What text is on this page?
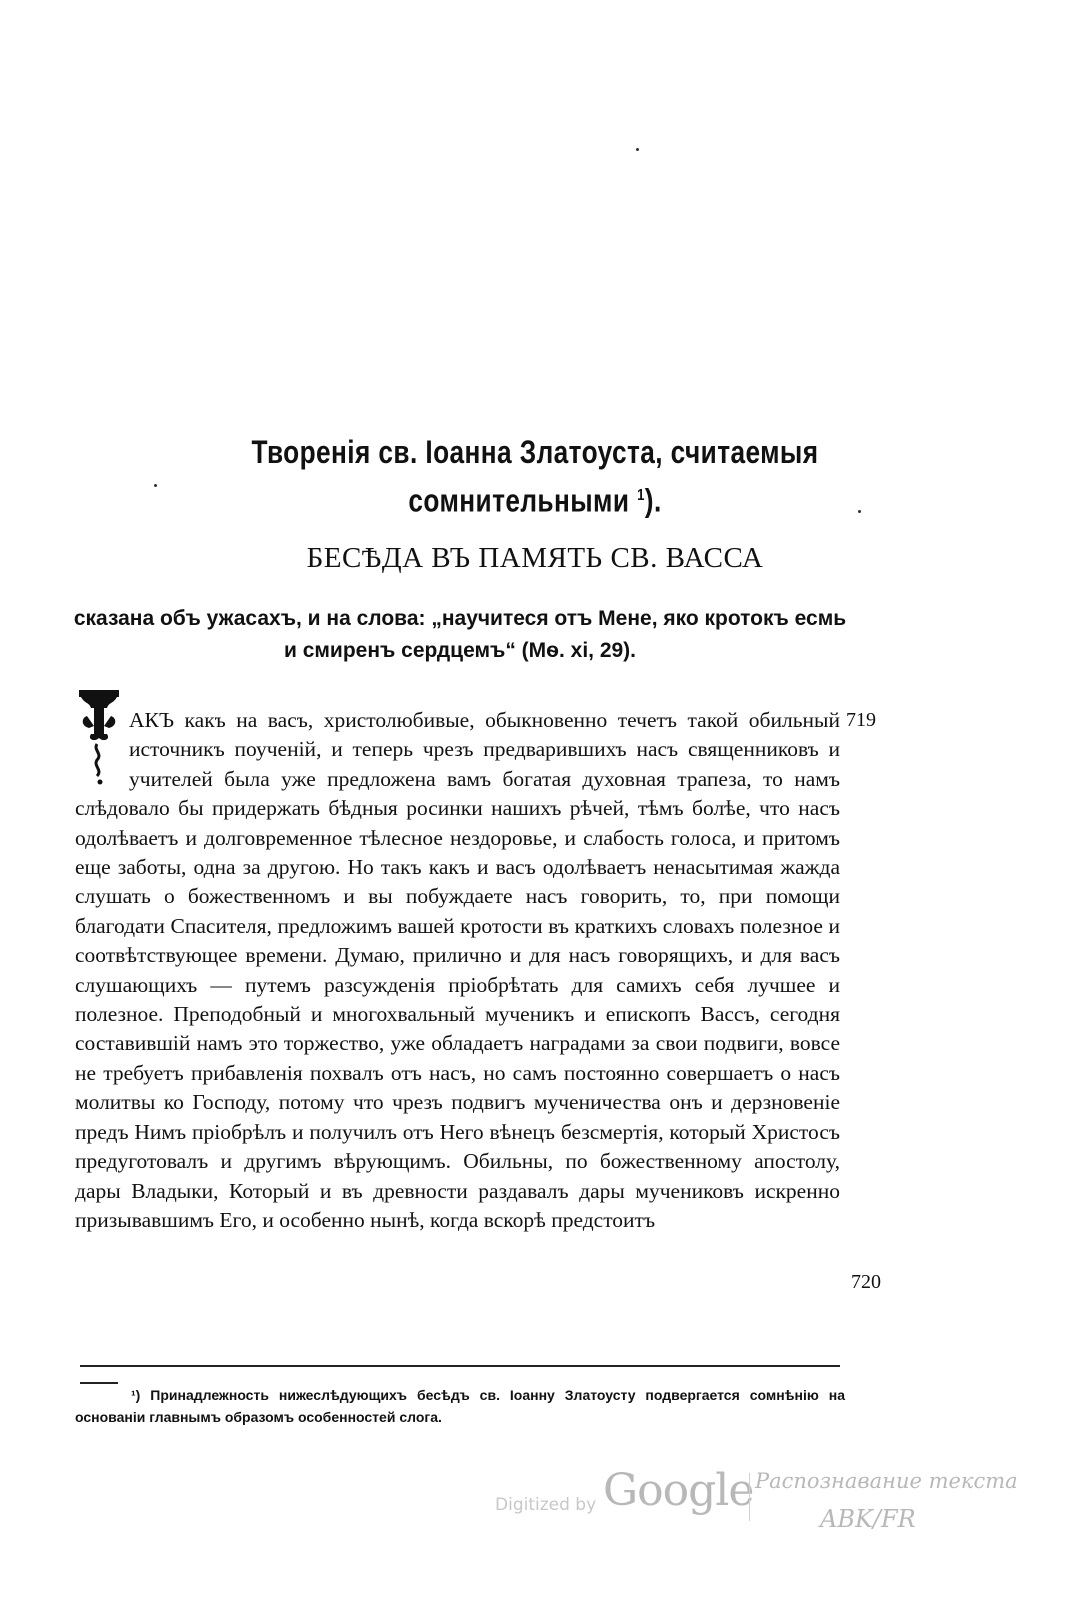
Творенія св. Іоанна Златоуста, считаемыя
сомнительными $^1$).
БЕСѢДА ВЪ ПАМЯТЬ СВ. ВАССА
сказана объ ужасахъ, и на слова: „научитеся отъ Мене, яко кротокъ есмь и смиренъ сердцемъ“ (Мѳ. xi, 29).
АКЪ какъ на васъ, христолюбивые, обыкновенно течетъ такой обильный источникъ поученій, и теперь чрезъ предварившихъ насъ священниковъ и учителей была уже предложена вамъ богатая духовная трапеза, то намъ слѣдовало бы придержать бѣдныя росинки нашихъ рѣчей, тѣмъ болѣе, что насъ одолѣваетъ и долговременное тѣлесное нездоровье, и слабость голоса, и притомъ еще заботы, одна за другою. Но такъ какъ и васъ одолѣваетъ ненасытимая жажда слушать о божественномъ и вы побуждаете насъ говорить, то, при помощи благодати Спасителя, предложимъ вашей кротости въ краткихъ словахъ полезное и соотвѣтствующее времени. Думаю, прилично и для насъ говорящихъ, и для васъ слушающихъ — путемъ разсужденія пріобрѣтать для самихъ себя лучшее и полезное. Преподобный и многохвальный мученикъ и епископъ Вассъ, сегодня составившій намъ это торжество, уже обладаетъ наградами за свои подвиги, вовсе не требуетъ прибавленія похвалъ отъ насъ, но самъ постоянно совершаетъ о насъ молитвы ко Господу, потому что чрезъ подвигъ мученичества онъ и дерзновеніе предъ Нимъ пріобрѣлъ и получилъ отъ Него вѣнецъ безсмертія, который Христосъ предуготовалъ и другимъ вѣрующимъ. Обильны, по божественному апостолу, дары Владыки, Который и въ древности раздавалъ дары мучениковъ искренно призывавшимъ Его, и особенно нынѣ, когда вскорѣ предстоитъ
719
720
¹) Принадлежность нижеслѣдующихъ бесѣдъ св. Іоанну Златоусту подвергается сомнѣнію на основаніи главнымъ образомъ особенностей слога.
Digitized by Google Распознавание текста
ABK/FR
